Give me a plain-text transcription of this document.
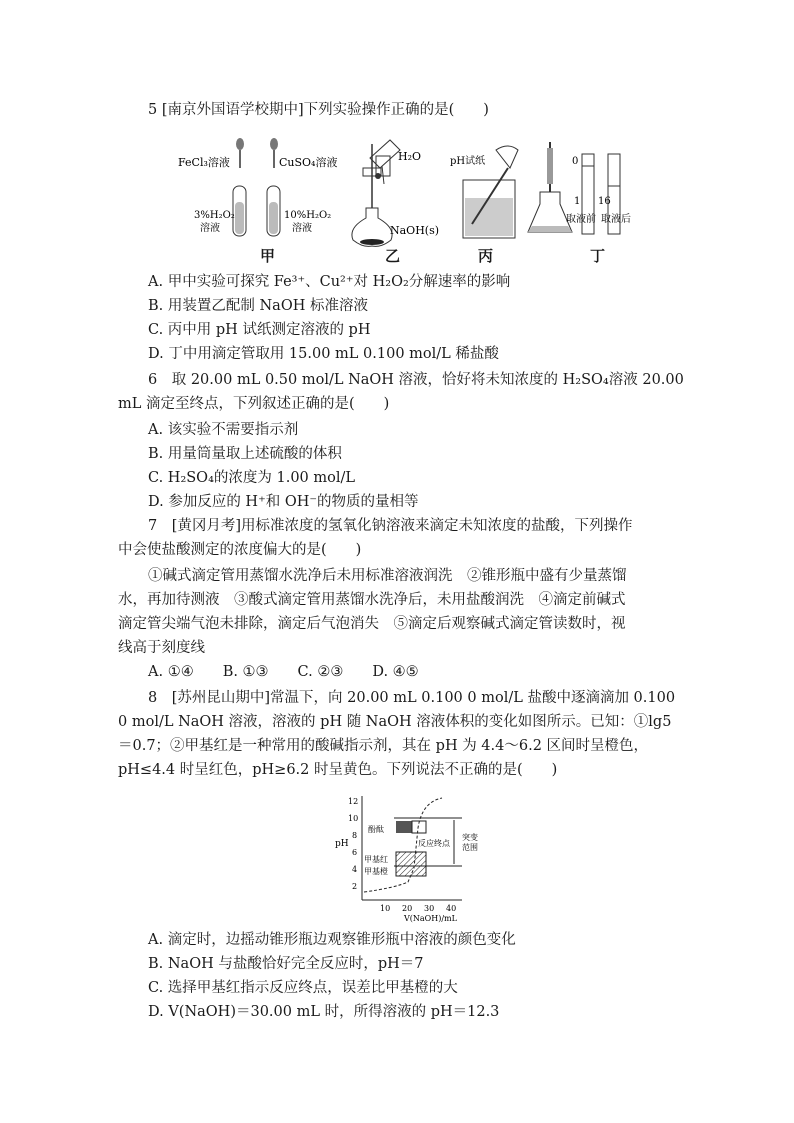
5 [南京外国语学校期中]下列实验操作正确的是(　　)
FeCl₃溶液	CuSO₄溶液
3%H₂O₂
溶液
10%H₂O₂
溶液
H₂O
NaOH(s)
pH试纸	0
1 16
取液前 取液后
甲	乙	丙	丁
A. 甲中实验可探究 Fe³⁺、Cu²⁺对 H₂O₂分解速率的影响
B. 用装置乙配制 NaOH 标准溶液
C. 丙中用 pH 试纸测定溶液的 pH
D. 丁中用滴定管取用 15.00 mL 0.100 mol/L 稀盐酸
6　取 20.00 mL 0.50 mol/L NaOH 溶液，恰好将未知浓度的 H₂SO₄溶液 20.00
mL 滴定至终点，下列叙述正确的是(　　)
A. 该实验不需要指示剂
B. 用量筒量取上述硫酸的体积
C. H₂SO₄的浓度为 1.00 mol/L
D. 参加反应的 H⁺和 OH⁻的物质的量相等
7　[黄冈月考]用标准浓度的氢氧化钠溶液来滴定未知浓度的盐酸，下列操作
中会使盐酸测定的浓度偏大的是(　　)
①碱式滴定管用蒸馏水洗净后未用标准溶液润洗　②锥形瓶中盛有少量蒸馏
水，再加待测液　③酸式滴定管用蒸馏水洗净后，未用盐酸润洗　④滴定前碱式
滴定管尖端气泡未排除，滴定后气泡消失　⑤滴定后观察碱式滴定管读数时，视
线高于刻度线
A. ①④　　B. ①③　　C. ②③　　D. ④⑤
8　[苏州昆山期中]常温下，向 20.00 mL 0.100 0 mol/L 盐酸中逐滴滴加 0.100
0 mol/L NaOH 溶液，溶液的 pH 随 NaOH 溶液体积的变化如图所示。已知：①lg5
＝0.7；②甲基红是一种常用的酸碱指示剂，其在 pH 为 4.4～6.2 区间时呈橙色，
pH≤4.4 时呈红色，pH≥6.2 时呈黄色。下列说法不正确的是(　　)
pH
12
10
8
6
4
2
10 20 30 40
V(NaOH)/mL
酚酞
反应终点
突变
范围
甲基红
甲基橙
A. 滴定时，边摇动锥形瓶边观察锥形瓶中溶液的颜色变化
B. NaOH 与盐酸恰好完全反应时，pH＝7
C. 选择甲基红指示反应终点，误差比甲基橙的大
D. V(NaOH)＝30.00 mL 时，所得溶液的 pH＝12.3
